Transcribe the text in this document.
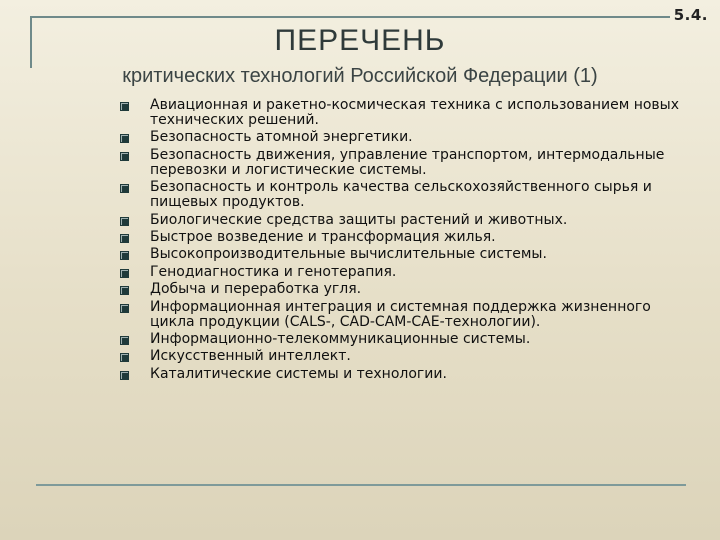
5.4.
ПЕРЕЧЕНЬ
критических технологий Российской Федерации (1)
Авиационная и ракетно-космическая техника с использованием новых технических решений.
Безопасность атомной энергетики.
Безопасность движения, управление транспортом, интермодальные перевозки и логистические системы.
Безопасность и контроль качества сельскохозяйственного сырья и пищевых продуктов.
Биологические средства защиты растений и животных.
Быстрое возведение и трансформация жилья.
Высокопроизводительные вычислительные системы.
Генодиагностика и генотерапия.
Добыча и переработка угля.
Информационная интеграция и системная поддержка жизненного цикла продукции (CALS-, CAD-CAM-CAE-технологии).
Информационно-телекоммуникационные системы.
Искусственный интеллект.
Каталитические системы и технологии.
